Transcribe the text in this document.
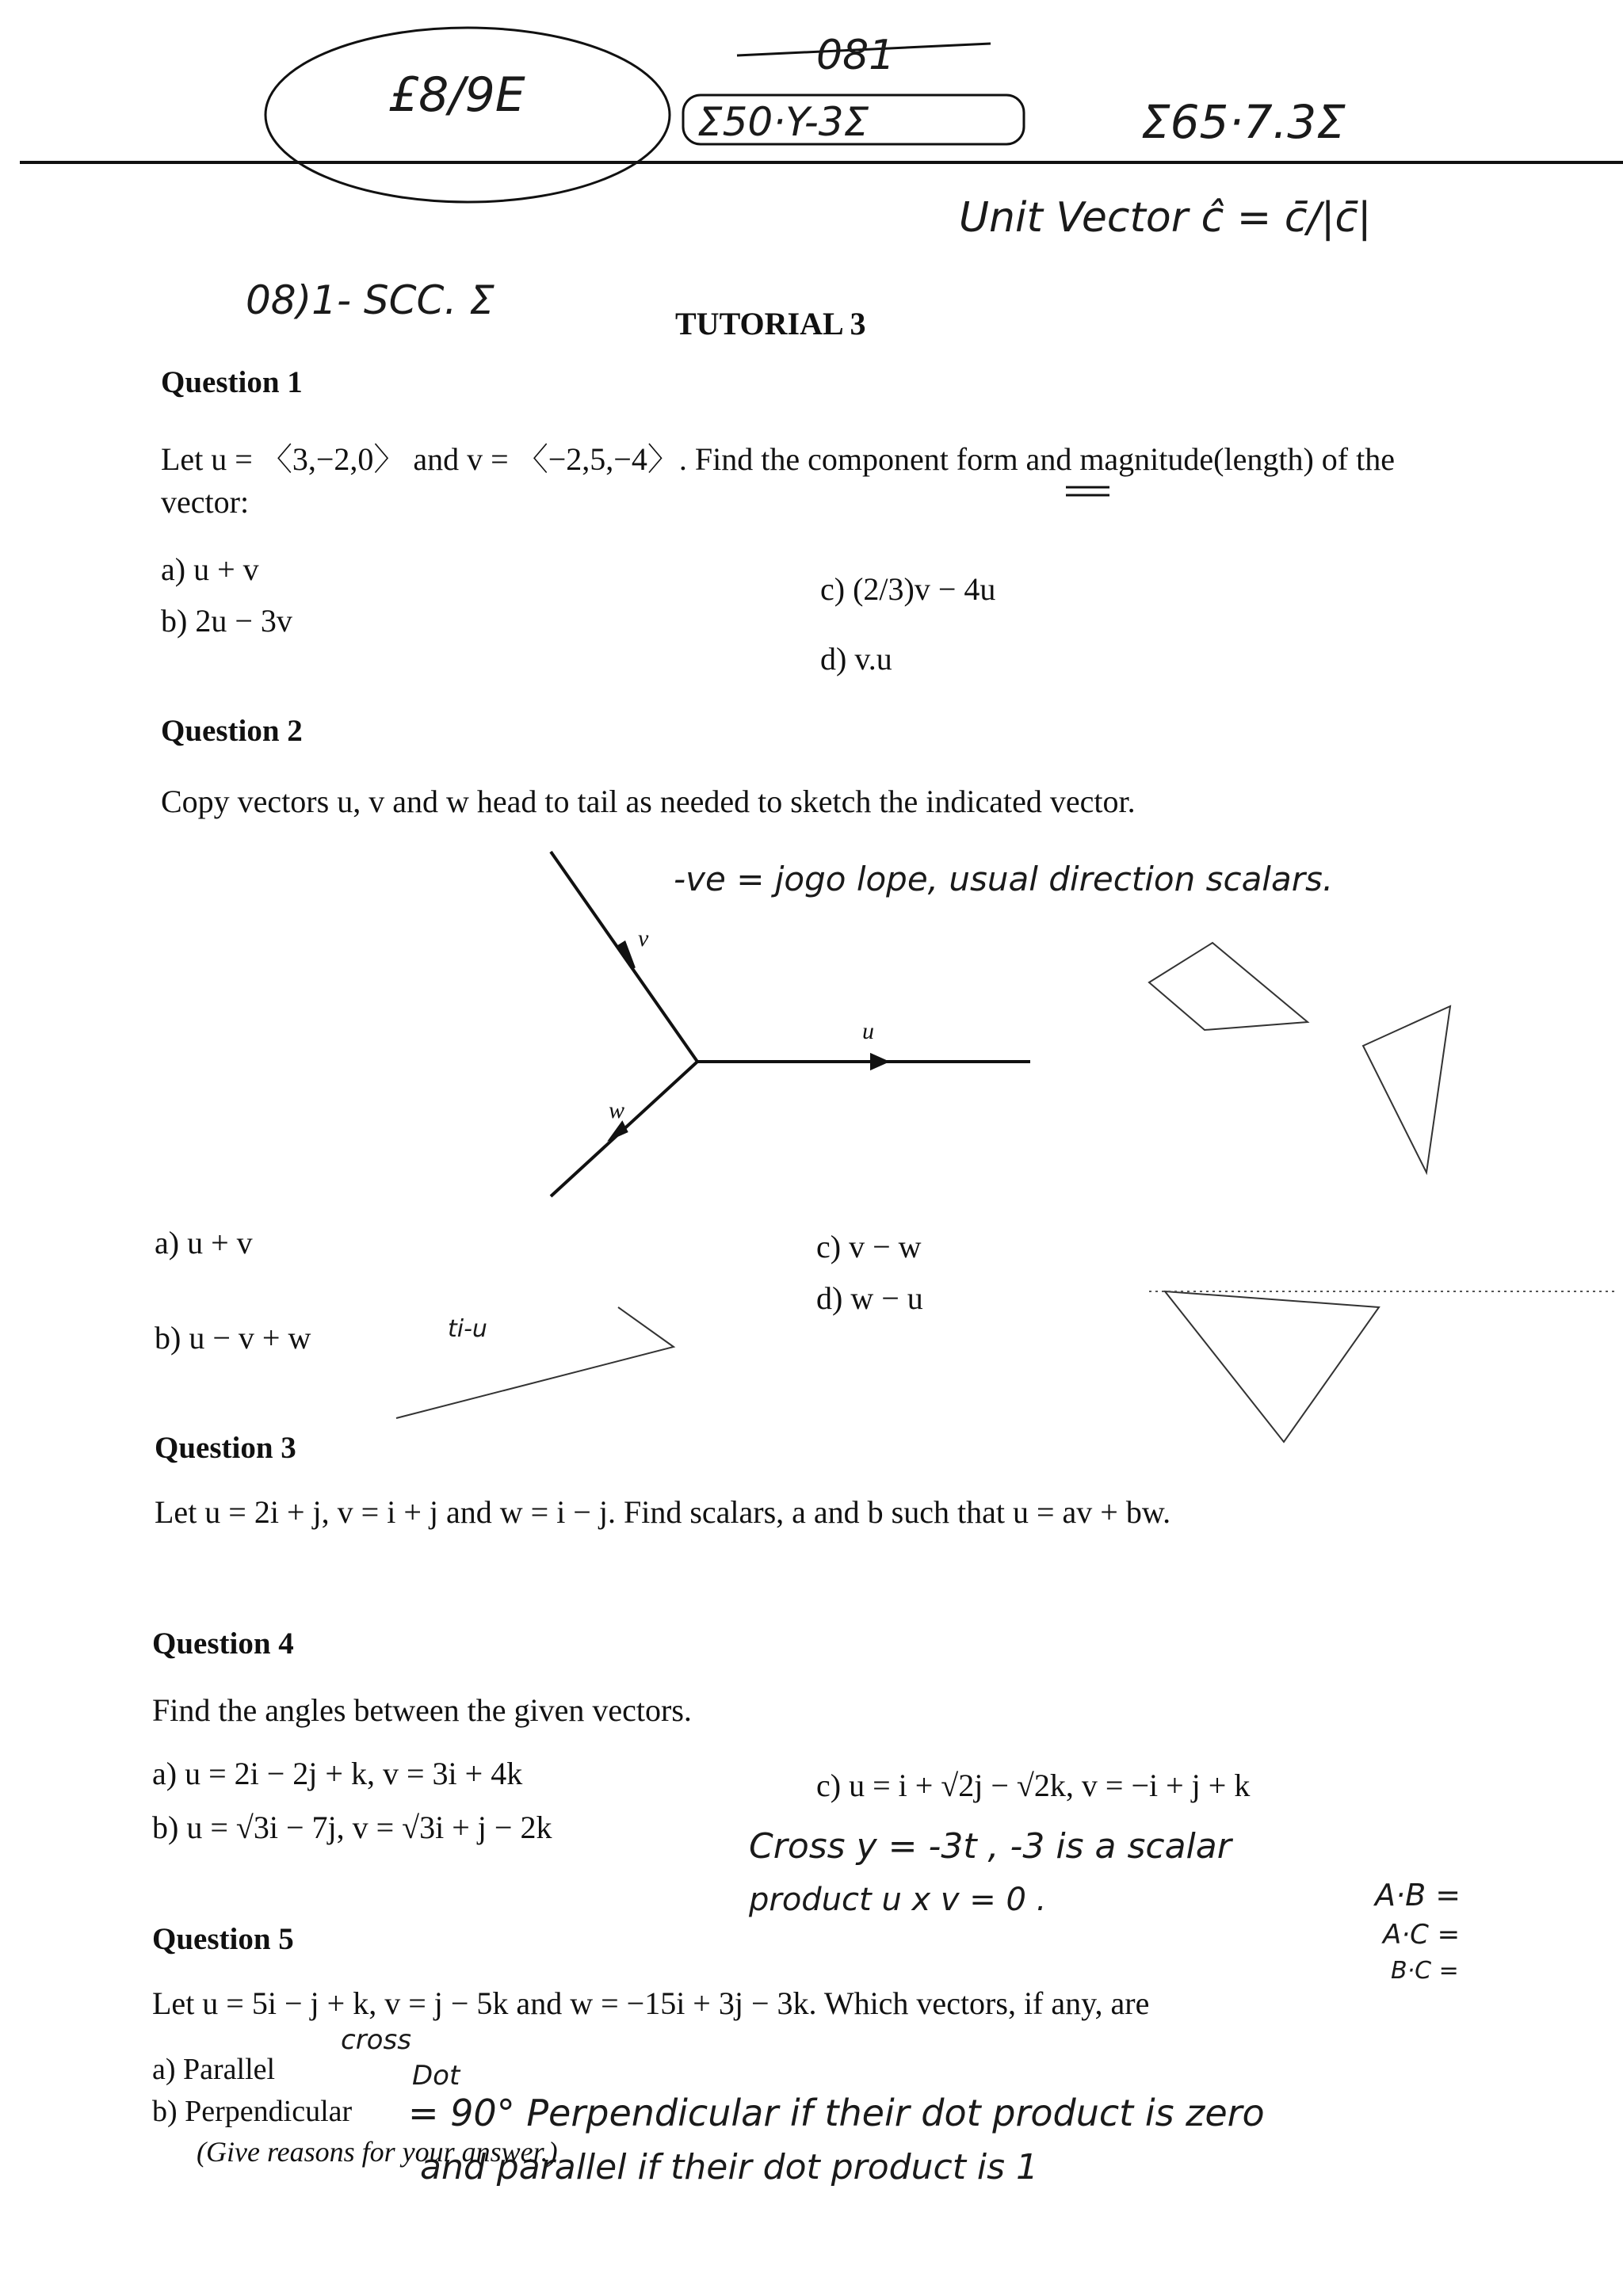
£8/9E
081
Σ50·Y-3Σ	Σ65·7.3Σ
Unit Vector ĉ = c̄/|c̄|
08)1- SCC. Σ
-ve = jogo lope, usual direction scalars.
ti-u
Cross y = -3t , -3 is a scalar
product u x v = 0 .	A·B =
A·C =
B·C =
cross
Dot
= 90° Perpendicular if their dot product is zero
and parallel if their dot product is 1
TUTORIAL 3
Question 1
Let u = 〈3,−2,0〉 and v = 〈−2,5,−4〉. Find the component form and magnitude(length) of the
vector:
a) u + v
b) 2u − 3v
c) (2/3)v − 4u
d) v.u
Question 2
Copy vectors u, v and w head to tail as needed to sketch the indicated vector.
v
u
w
a) u + v
b) u − v + w
c) v − w
d) w − u
Question 3
Let u = 2i + j, v = i + j and w = i − j. Find scalars, a and b such that u = av + bw.
Question 4
Find the angles between the given vectors.
a) u = 2i − 2j + k, v = 3i + 4k
b) u = √3i − 7j, v = √3i + j − 2k
c) u = i + √2j − √2k, v = −i + j + k
Question 5
Let u = 5i − j + k, v = j − 5k and w = −15i + 3j − 3k. Which vectors, if any, are
a) Parallel
b) Perpendicular
(Give reasons for your answer.)
